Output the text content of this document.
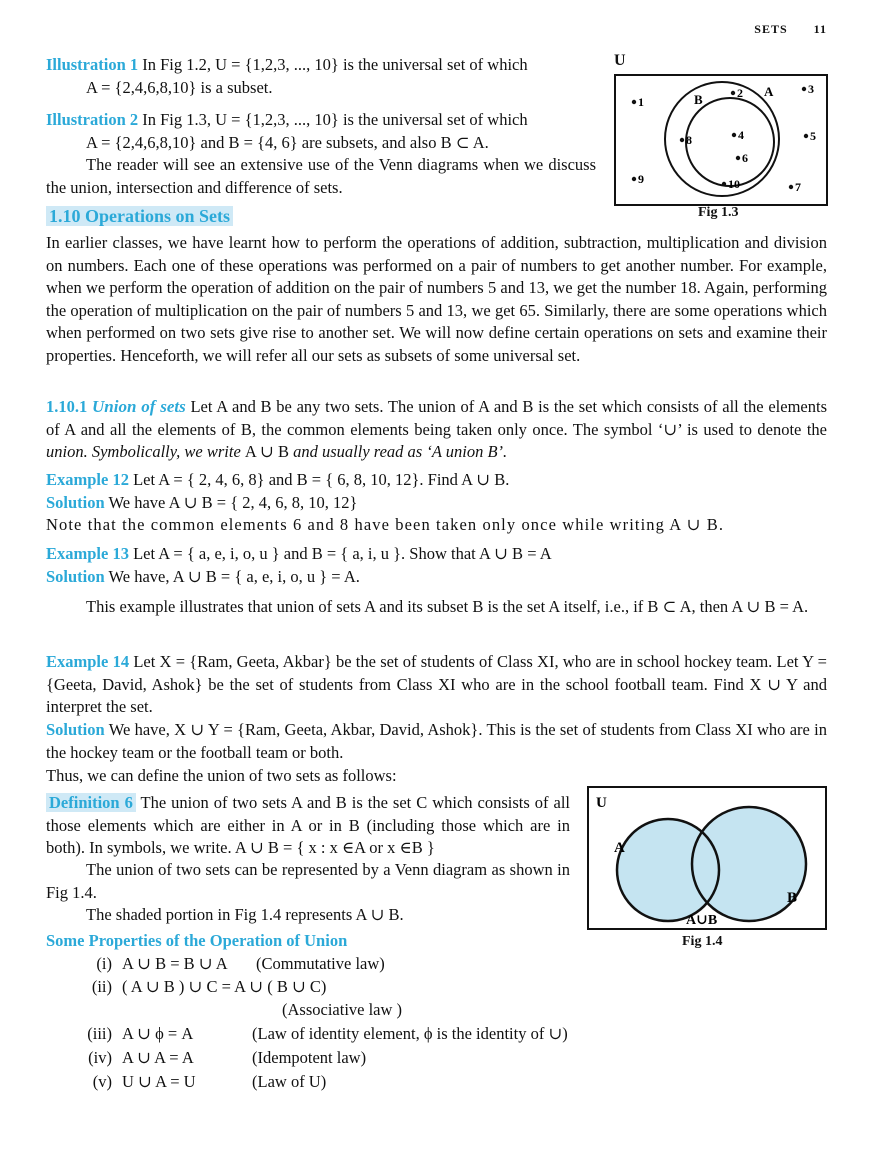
SETS 11
Illustration 1 In Fig 1.2, U = {1,2,3, ..., 10} is the universal set of which
A = {2,4,6,8,10} is a subset.
Illustration 2 In Fig 1.3, U = {1,2,3, ..., 10} is the universal set of which
A = {2,4,6,8,10} and B = {4, 6} are subsets, and also B ⊂ A.
The reader will see an extensive use of the Venn diagrams when we discuss the union, intersection and difference of sets.
U
B
A
1
2	3
4	5
6
7
8
9	10
Fig 1.3
1.10 Operations on Sets
In earlier classes, we have learnt how to perform the operations of addition, subtraction, multiplication and division on numbers. Each one of these operations was performed on a pair of numbers to get another number. For example, when we perform the operation of addition on the pair of numbers 5 and 13, we get the number 18. Again, performing the operation of multiplication on the pair of numbers 5 and 13, we get 65. Similarly, there are some operations which when performed on two sets give rise to another set. We will now define certain operations on sets and examine their properties. Henceforth, we will refer all our sets as subsets of some universal set.
1.10.1 Union of sets Let A and B be any two sets. The union of A and B is the set which consists of all the elements of A and all the elements of B, the common elements being taken only once. The symbol ‘∪’ is used to denote the union. Symbolically, we write A ∪ B and usually read as ‘A union B’.
Example 12 Let A = { 2, 4, 6, 8} and B = { 6, 8, 10, 12}. Find A ∪ B.
Solution We have A ∪ B = { 2, 4, 6, 8, 10, 12}
Note that the common elements 6 and 8 have been taken only once while writing A ∪ B.
Example 13 Let A = { a, e, i, o, u } and B = { a, i, u }. Show that A ∪ B = A
Solution We have, A ∪ B = { a, e, i, o, u } = A.
This example illustrates that union of sets A and its subset B is the set A itself, i.e., if B ⊂ A, then A ∪ B = A.
Example 14 Let X = {Ram, Geeta, Akbar} be the set of students of Class XI, who are in school hockey team. Let Y = {Geeta, David, Ashok} be the set of students from Class XI who are in the school football team. Find X ∪ Y and interpret the set.
Solution We have, X ∪ Y = {Ram, Geeta, Akbar, David, Ashok}. This is the set of students from Class XI who are in the hockey team or the football team or both.
Thus, we can define the union of two sets as follows:
Definition 6 The union of two sets A and B is the set C which consists of all those elements which are either in A or in B (including those which are in both). In symbols, we write. A ∪ B = { x : x ∈A or x ∈B }
The union of two sets can be represented by a Venn diagram as shown in Fig 1.4.
The shaded portion in Fig 1.4 represents A ∪ B.
U
A
B
A∪B
Fig 1.4
Some Properties of the Operation of Union
(i) A ∪ B = B ∪ A (Commutative law)
(ii) ( A ∪ B ) ∪ C = A ∪ ( B ∪ C)
(Associative law )
(iii) A ∪ ϕ = A	(Law of identity element, ϕ is the identity of ∪)
(iv) A ∪ A = A	(Idempotent law)
(v) U ∪ A = U	(Law of U)
